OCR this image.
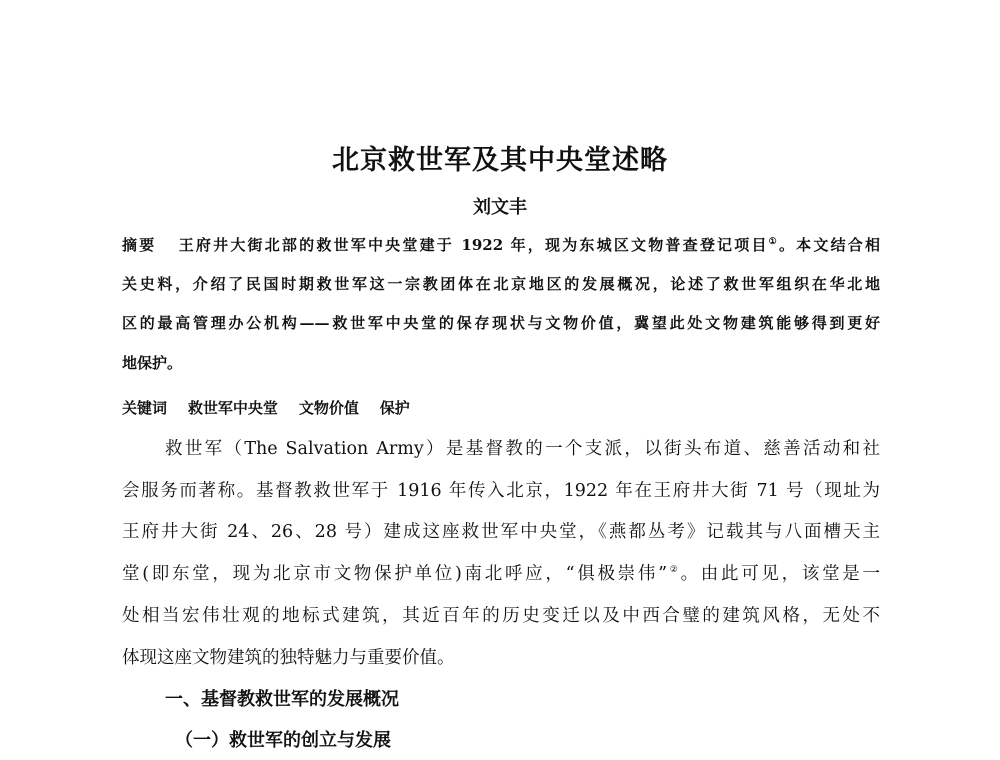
北京救世军及其中央堂述略
刘文丰
摘要 王府井大街北部的救世军中央堂建于 1922 年，现为东城区文物普查登记项目①。本文结合相
关史料，介绍了民国时期救世军这一宗教团体在北京地区的发展概况，论述了救世军组织在华北地
区的最高管理办公机构——救世军中央堂的保存现状与文物价值，冀望此处文物建筑能够得到更好
地保护。
关键词 救世军中央堂 文物价值 保护
救世军（The Salvation Army）是基督教的一个支派，以街头布道、慈善活动和社
会服务而著称。基督教救世军于 1916 年传入北京，1922 年在王府井大街 71 号（现址为
王府井大街 24、26、28 号）建成这座救世军中央堂，《燕都丛考》记载其与八面槽天主
堂(即东堂，现为北京市文物保护单位)南北呼应，“俱极崇伟”②。由此可见，该堂是一
处相当宏伟壮观的地标式建筑，其近百年的历史变迁以及中西合璧的建筑风格，无处不
体现这座文物建筑的独特魅力与重要价值。
一、基督教救世军的发展概况
（一）救世军的创立与发展
